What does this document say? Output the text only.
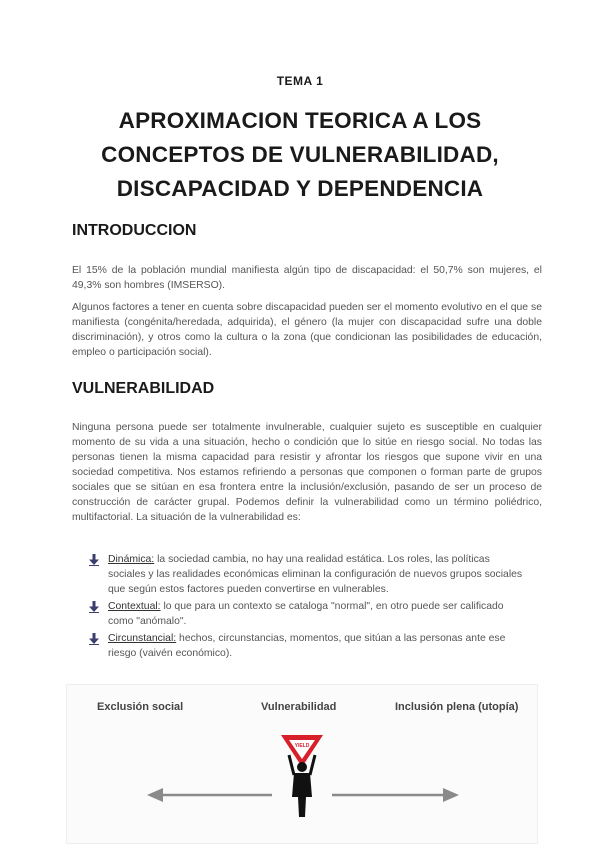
TEMA 1
APROXIMACION TEORICA A LOS
CONCEPTOS DE VULNERABILIDAD,
DISCAPACIDAD Y DEPENDENCIA
INTRODUCCION
El 15% de la población mundial manifiesta algún tipo de discapacidad: el 50,7% son mujeres, el 49,3% son hombres (IMSERSO).
Algunos factores a tener en cuenta sobre discapacidad pueden ser el momento evolutivo en el que se manifiesta (congénita/heredada, adquirida), el género (la mujer con discapacidad sufre una doble discriminación), y otros como la cultura o la zona (que condicionan las posibilidades de educación, empleo o participación social).
VULNERABILIDAD
Ninguna persona puede ser totalmente invulnerable, cualquier sujeto es susceptible en cualquier momento de su vida a una situación, hecho o condición que lo sitúe en riesgo social. No todas las personas tienen la misma capacidad para resistir y afrontar los riesgos que supone vivir en una sociedad competitiva. Nos estamos refiriendo a personas que componen o forman parte de grupos sociales que se sitúan en esa frontera entre la inclusión/exclusión, pasando de ser un proceso de construcción de carácter grupal. Podemos definir la vulnerabilidad como un término poliédrico, multifactorial. La situación de la vulnerabilidad es:
Dinámica: la sociedad cambia, no hay una realidad estática. Los roles, las políticas sociales y las realidades económicas eliminan la configuración de nuevos grupos sociales que según estos factores pueden convertirse en vulnerables.
Contextual: lo que para un contexto se cataloga "normal", en otro puede ser calificado como "anómalo".
Circunstancial: hechos, circunstancias, momentos, que sitúan a las personas ante ese riesgo (vaivén económico).
Exclusión social	Vulnerabilidad	Inclusión plena (utopía)
YIELD
